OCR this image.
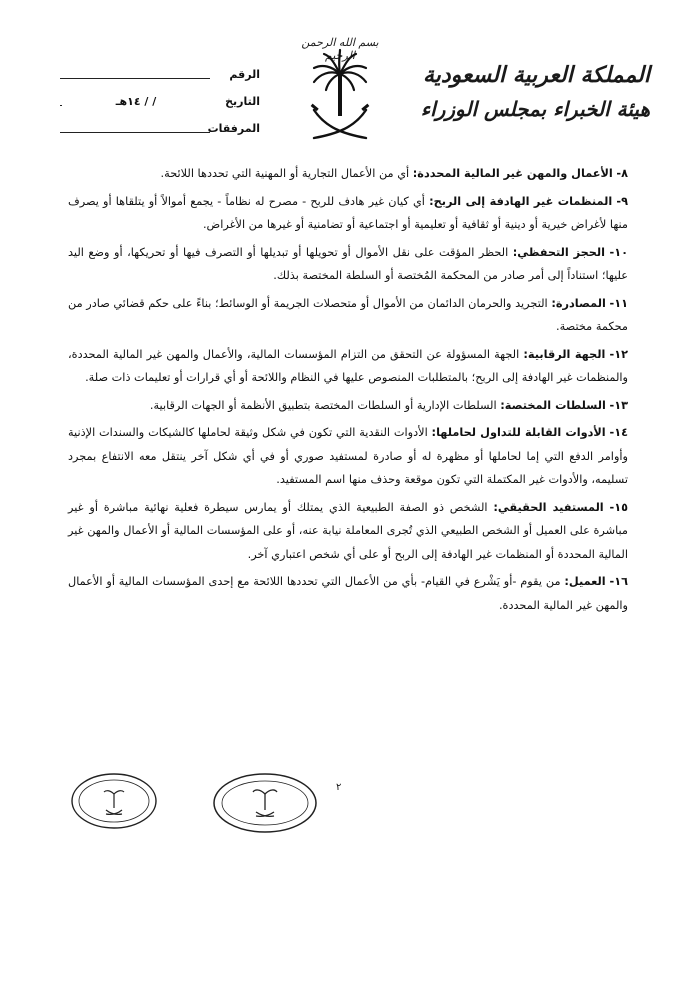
بسم الله الرحمن الرحيم
المملكة العربية السعودية
هيئة الخبراء بمجلس الوزراء
الرقم
التاريخ
/ / ١٤هـ
المرفقات

٨- الأعمال والمهن غير المالية المحددة: أي من الأعمال التجارية أو المهنية التي تحددها اللائحة.

٩- المنظمات غير الهادفة إلى الربح: أي كيان غير هادف للربح - مصرح له نظاماً - يجمع أموالاً أو يتلقاها أو يصرف منها لأغراض خيرية أو دينية أو ثقافية أو تعليمية أو اجتماعية أو تضامنية أو غيرها من الأغراض.

١٠- الحجز التحفظي: الحظر المؤقت على نقل الأموال أو تحويلها أو تبديلها أو التصرف فيها أو تحريكها، أو وضع اليد عليها؛ استناداً إلى أمر صادر من المحكمة المُختصة أو السلطة المختصة بذلك.

١١- المصادرة: التجريد والحرمان الدائمان من الأموال أو متحصلات الجريمة أو الوسائط؛ بناءً على حكم قضائي صادر من محكمة مختصة.

١٢- الجهة الرقابية: الجهة المسؤولة عن التحقق من التزام المؤسسات المالية، والأعمال والمهن غير المالية المحددة، والمنظمات غير الهادفة إلى الربح؛ بالمتطلبات المنصوص عليها في النظام واللائحة أو أي قرارات أو تعليمات ذات صلة.

١٣- السلطات المختصة: السلطات الإدارية أو السلطات المختصة بتطبيق الأنظمة أو الجهات الرقابية.

١٤- الأدوات القابلة للتداول لحاملها: الأدوات النقدية التي تكون في شكل وثيقة لحاملها كالشيكات والسندات الإذنية وأوامر الدفع التي إما لحاملها أو مظهرة له أو صادرة لمستفيد صوري أو في أي شكل آخر ينتقل معه الانتفاع بمجرد تسليمه، والأدوات غير المكتملة التي تكون موقعة وحذف منها اسم المستفيد.

١٥- المستفيد الحقيقي: الشخص ذو الصفة الطبيعية الذي يمتلك أو يمارس سيطرة فعلية نهائية مباشرة أو غير مباشرة على العميل أو الشخص الطبيعي الذي تُجرى المعاملة نيابة عنه، أو على المؤسسات المالية أو الأعمال والمهن غير المالية المحددة أو المنظمات غير الهادفة إلى الربح أو على أي شخص اعتباري آخر.

١٦- العميل: من يقوم -أو يَشْرع في القيام- بأي من الأعمال التي تحددها اللائحة مع إحدى المؤسسات المالية أو الأعمال والمهن غير المالية المحددة.

٢
